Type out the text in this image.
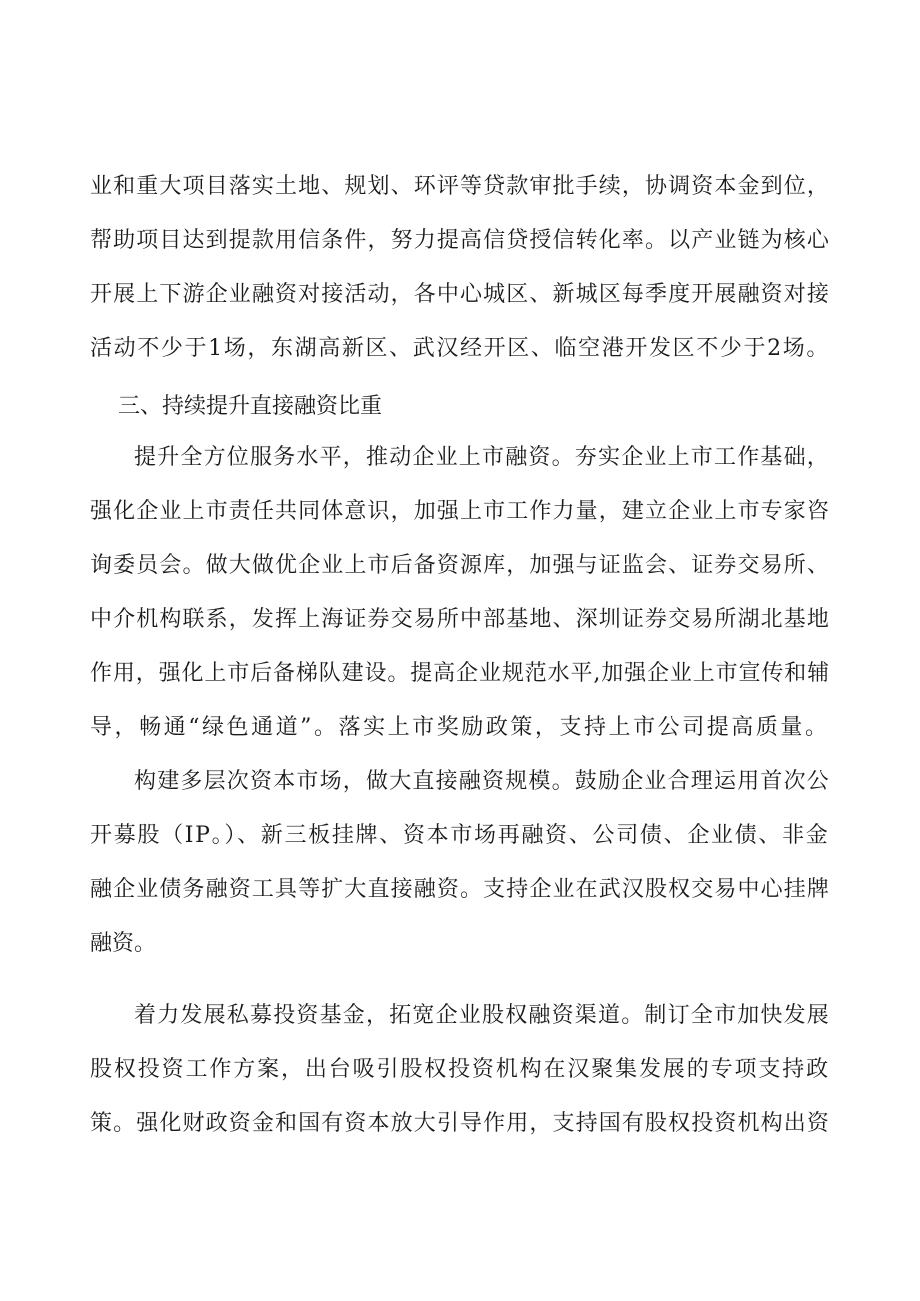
业和重大项目落实土地、规划、环评等贷款审批手续，协调资本金到位，
帮助项目达到提款用信条件，努力提高信贷授信转化率。以产业链为核心
开展上下游企业融资对接活动，各中心城区、新城区每季度开展融资对接
活动不少于1场，东湖高新区、武汉经开区、临空港开发区不少于2场。
三、持续提升直接融资比重
提升全方位服务水平，推动企业上市融资。夯实企业上市工作基础，
强化企业上市责任共同体意识，加强上市工作力量，建立企业上市专家咨
询委员会。做大做优企业上市后备资源库，加强与证监会、证券交易所、
中介机构联系，发挥上海证券交易所中部基地、深圳证券交易所湖北基地
作用，强化上市后备梯队建设。提高企业规范水平,加强企业上市宣传和辅
导，畅通“绿色通道”。落实上市奖励政策，支持上市公司提高质量。
构建多层次资本市场，做大直接融资规模。鼓励企业合理运用首次公
开募股（IP。）、新三板挂牌、资本市场再融资、公司债、企业债、非金
融企业债务融资工具等扩大直接融资。支持企业在武汉股权交易中心挂牌
融资。
着力发展私募投资基金，拓宽企业股权融资渠道。制订全市加快发展
股权投资工作方案，出台吸引股权投资机构在汉聚集发展的专项支持政
策。强化财政资金和国有资本放大引导作用，支持国有股权投资机构出资
